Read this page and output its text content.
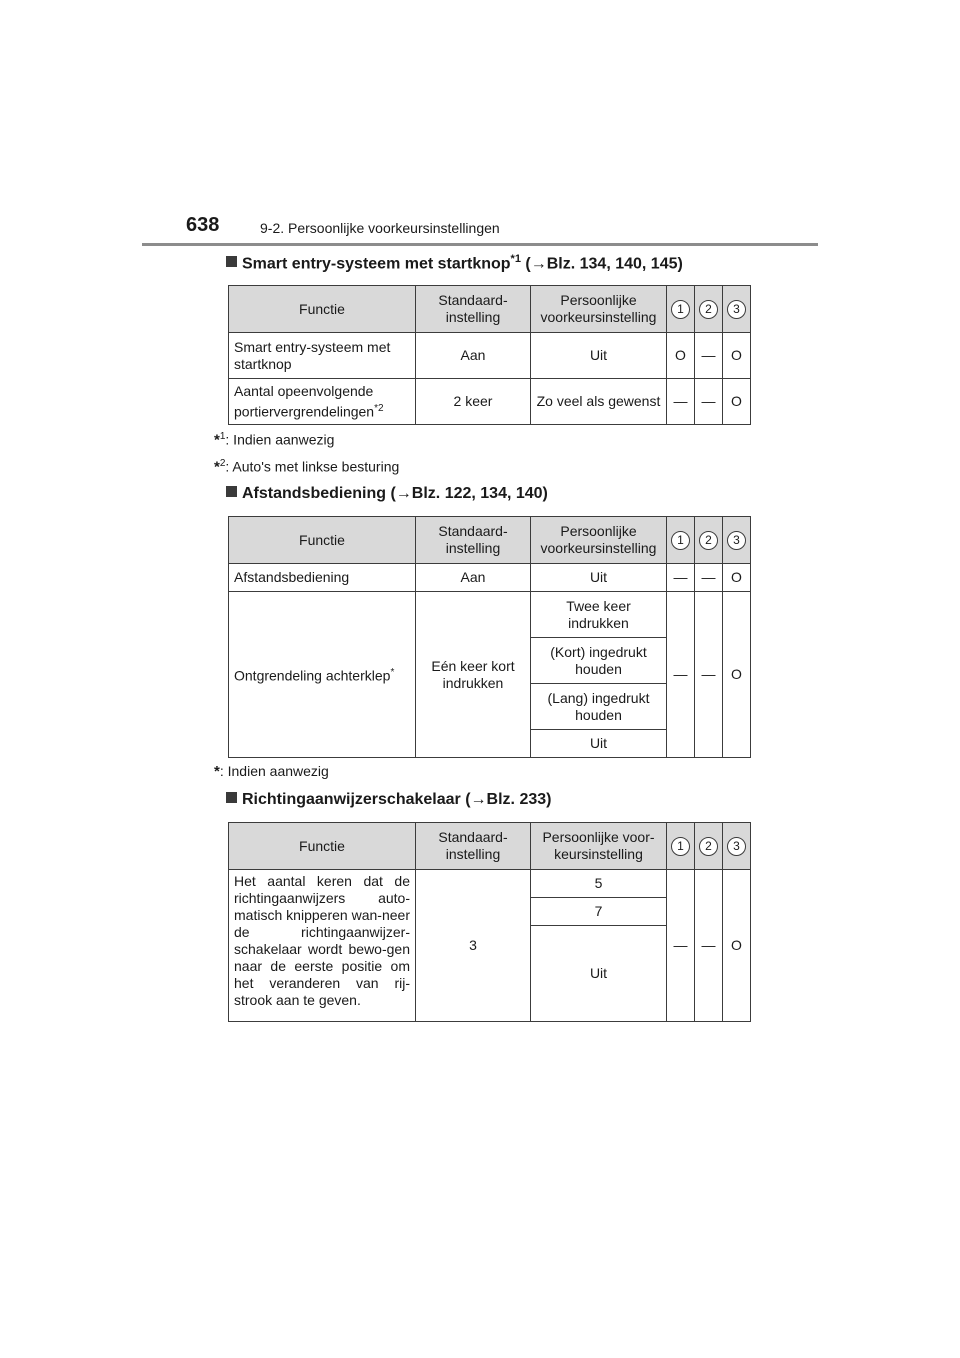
638	9-2. Persoonlijke voorkeursinstellingen
Smart entry-systeem met startknop$^{*1}$ (→Blz. 134, 140, 145)
Functie	Standaard-instelling	Persoonlijke voorkeursinstelling	1	2	3
Smart entry-systeem met startknop	Aan	Uit	O	—	O
Aantal opeenvolgende portiervergrendelingen$^{*2}$	2 keer	Zo veel als gewenst	—	—	O
*$^1$: Indien aanwezig
*$^2$: Auto's met linkse besturing
Afstandsbediening (→Blz. 122, 134, 140)
Functie	Standaard-instelling	Persoonlijke voorkeursinstelling	1	2	3
Afstandsbediening	Aan	Uit	—	—	O
Ontgrendeling achterklep*	Eén keer kort indrukken	Twee keer indrukken	—	—	O
		(Kort) ingedrukt houden			
		(Lang) ingedrukt houden			
		Uit			
*: Indien aanwezig
Richtingaanwijzerschakelaar (→Blz. 233)
Functie	Standaard-instelling	Persoonlijke voor-keursinstelling	1	2	3
Het aantal keren dat de richtingaanwijzers auto-matisch knipperen wan-neer de richtingaanwijzer-schakelaar wordt bewo-gen naar de eerste positie om het veranderen van rij-strook aan te geven.	3	5	—	—	O
		7			
		Uit			
